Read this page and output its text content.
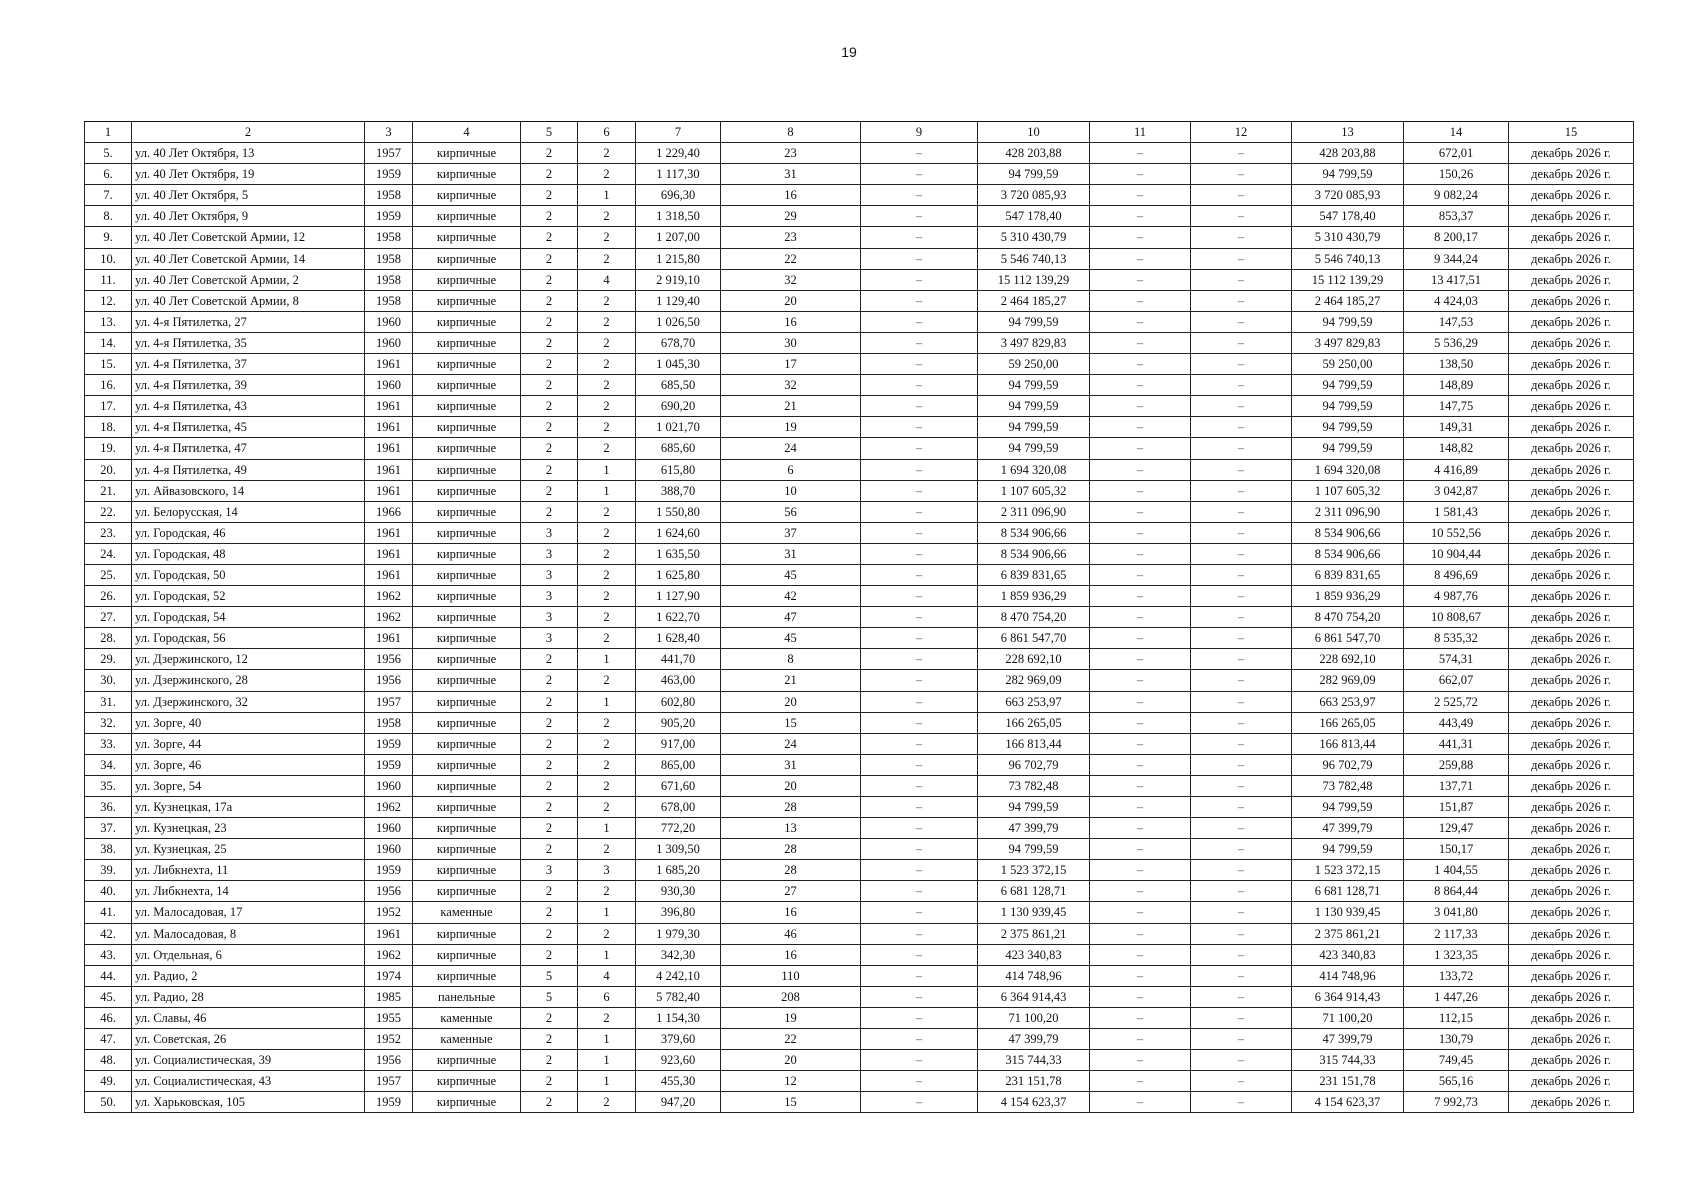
19
1	2	3	4	5	6	7	8	9	10	11	12	13	14	15
5.	ул. 40 Лет Октября, 13	1957	кирпичные	2	2	1 229,40	23	–	428 203,88	–	–	428 203,88	672,01	декабрь 2026 г.
6.	ул. 40 Лет Октября, 19	1959	кирпичные	2	2	1 117,30	31	–	94 799,59	–	–	94 799,59	150,26	декабрь 2026 г.
7.	ул. 40 Лет Октября, 5	1958	кирпичные	2	1	696,30	16	–	3 720 085,93	–	–	3 720 085,93	9 082,24	декабрь 2026 г.
8.	ул. 40 Лет Октября, 9	1959	кирпичные	2	2	1 318,50	29	–	547 178,40	–	–	547 178,40	853,37	декабрь 2026 г.
9.	ул. 40 Лет Советской Армии, 12	1958	кирпичные	2	2	1 207,00	23	–	5 310 430,79	–	–	5 310 430,79	8 200,17	декабрь 2026 г.
10.	ул. 40 Лет Советской Армии, 14	1958	кирпичные	2	2	1 215,80	22	–	5 546 740,13	–	–	5 546 740,13	9 344,24	декабрь 2026 г.
11.	ул. 40 Лет Советской Армии, 2	1958	кирпичные	2	4	2 919,10	32	–	15 112 139,29	–	–	15 112 139,29	13 417,51	декабрь 2026 г.
12.	ул. 40 Лет Советской Армии, 8	1958	кирпичные	2	2	1 129,40	20	–	2 464 185,27	–	–	2 464 185,27	4 424,03	декабрь 2026 г.
13.	ул. 4-я Пятилетка, 27	1960	кирпичные	2	2	1 026,50	16	–	94 799,59	–	–	94 799,59	147,53	декабрь 2026 г.
14.	ул. 4-я Пятилетка, 35	1960	кирпичные	2	2	678,70	30	–	3 497 829,83	–	–	3 497 829,83	5 536,29	декабрь 2026 г.
15.	ул. 4-я Пятилетка, 37	1961	кирпичные	2	2	1 045,30	17	–	59 250,00	–	–	59 250,00	138,50	декабрь 2026 г.
16.	ул. 4-я Пятилетка, 39	1960	кирпичные	2	2	685,50	32	–	94 799,59	–	–	94 799,59	148,89	декабрь 2026 г.
17.	ул. 4-я Пятилетка, 43	1961	кирпичные	2	2	690,20	21	–	94 799,59	–	–	94 799,59	147,75	декабрь 2026 г.
18.	ул. 4-я Пятилетка, 45	1961	кирпичные	2	2	1 021,70	19	–	94 799,59	–	–	94 799,59	149,31	декабрь 2026 г.
19.	ул. 4-я Пятилетка, 47	1961	кирпичные	2	2	685,60	24	–	94 799,59	–	–	94 799,59	148,82	декабрь 2026 г.
20.	ул. 4-я Пятилетка, 49	1961	кирпичные	2	1	615,80	6	–	1 694 320,08	–	–	1 694 320,08	4 416,89	декабрь 2026 г.
21.	ул. Айвазовского, 14	1961	кирпичные	2	1	388,70	10	–	1 107 605,32	–	–	1 107 605,32	3 042,87	декабрь 2026 г.
22.	ул. Белорусская, 14	1966	кирпичные	2	2	1 550,80	56	–	2 311 096,90	–	–	2 311 096,90	1 581,43	декабрь 2026 г.
23.	ул. Городская, 46	1961	кирпичные	3	2	1 624,60	37	–	8 534 906,66	–	–	8 534 906,66	10 552,56	декабрь 2026 г.
24.	ул. Городская, 48	1961	кирпичные	3	2	1 635,50	31	–	8 534 906,66	–	–	8 534 906,66	10 904,44	декабрь 2026 г.
25.	ул. Городская, 50	1961	кирпичные	3	2	1 625,80	45	–	6 839 831,65	–	–	6 839 831,65	8 496,69	декабрь 2026 г.
26.	ул. Городская, 52	1962	кирпичные	3	2	1 127,90	42	–	1 859 936,29	–	–	1 859 936,29	4 987,76	декабрь 2026 г.
27.	ул. Городская, 54	1962	кирпичные	3	2	1 622,70	47	–	8 470 754,20	–	–	8 470 754,20	10 808,67	декабрь 2026 г.
28.	ул. Городская, 56	1961	кирпичные	3	2	1 628,40	45	–	6 861 547,70	–	–	6 861 547,70	8 535,32	декабрь 2026 г.
29.	ул. Дзержинского, 12	1956	кирпичные	2	1	441,70	8	–	228 692,10	–	–	228 692,10	574,31	декабрь 2026 г.
30.	ул. Дзержинского, 28	1956	кирпичные	2	2	463,00	21	–	282 969,09	–	–	282 969,09	662,07	декабрь 2026 г.
31.	ул. Дзержинского, 32	1957	кирпичные	2	1	602,80	20	–	663 253,97	–	–	663 253,97	2 525,72	декабрь 2026 г.
32.	ул. Зорге, 40	1958	кирпичные	2	2	905,20	15	–	166 265,05	–	–	166 265,05	443,49	декабрь 2026 г.
33.	ул. Зорге, 44	1959	кирпичные	2	2	917,00	24	–	166 813,44	–	–	166 813,44	441,31	декабрь 2026 г.
34.	ул. Зорге, 46	1959	кирпичные	2	2	865,00	31	–	96 702,79	–	–	96 702,79	259,88	декабрь 2026 г.
35.	ул. Зорге, 54	1960	кирпичные	2	2	671,60	20	–	73 782,48	–	–	73 782,48	137,71	декабрь 2026 г.
36.	ул. Кузнецкая, 17а	1962	кирпичные	2	2	678,00	28	–	94 799,59	–	–	94 799,59	151,87	декабрь 2026 г.
37.	ул. Кузнецкая, 23	1960	кирпичные	2	1	772,20	13	–	47 399,79	–	–	47 399,79	129,47	декабрь 2026 г.
38.	ул. Кузнецкая, 25	1960	кирпичные	2	2	1 309,50	28	–	94 799,59	–	–	94 799,59	150,17	декабрь 2026 г.
39.	ул. Либкнехта, 11	1959	кирпичные	3	3	1 685,20	28	–	1 523 372,15	–	–	1 523 372,15	1 404,55	декабрь 2026 г.
40.	ул. Либкнехта, 14	1956	кирпичные	2	2	930,30	27	–	6 681 128,71	–	–	6 681 128,71	8 864,44	декабрь 2026 г.
41.	ул. Малосадовая, 17	1952	каменные	2	1	396,80	16	–	1 130 939,45	–	–	1 130 939,45	3 041,80	декабрь 2026 г.
42.	ул. Малосадовая, 8	1961	кирпичные	2	2	1 979,30	46	–	2 375 861,21	–	–	2 375 861,21	2 117,33	декабрь 2026 г.
43.	ул. Отдельная, 6	1962	кирпичные	2	1	342,30	16	–	423 340,83	–	–	423 340,83	1 323,35	декабрь 2026 г.
44.	ул. Радио, 2	1974	кирпичные	5	4	4 242,10	110	–	414 748,96	–	–	414 748,96	133,72	декабрь 2026 г.
45.	ул. Радио, 28	1985	панельные	5	6	5 782,40	208	–	6 364 914,43	–	–	6 364 914,43	1 447,26	декабрь 2026 г.
46.	ул. Славы, 46	1955	каменные	2	2	1 154,30	19	–	71 100,20	–	–	71 100,20	112,15	декабрь 2026 г.
47.	ул. Советская, 26	1952	каменные	2	1	379,60	22	–	47 399,79	–	–	47 399,79	130,79	декабрь 2026 г.
48.	ул. Социалистическая, 39	1956	кирпичные	2	1	923,60	20	–	315 744,33	–	–	315 744,33	749,45	декабрь 2026 г.
49.	ул. Социалистическая, 43	1957	кирпичные	2	1	455,30	12	–	231 151,78	–	–	231 151,78	565,16	декабрь 2026 г.
50.	ул. Харьковская, 105	1959	кирпичные	2	2	947,20	15	–	4 154 623,37	–	–	4 154 623,37	7 992,73	декабрь 2026 г.
